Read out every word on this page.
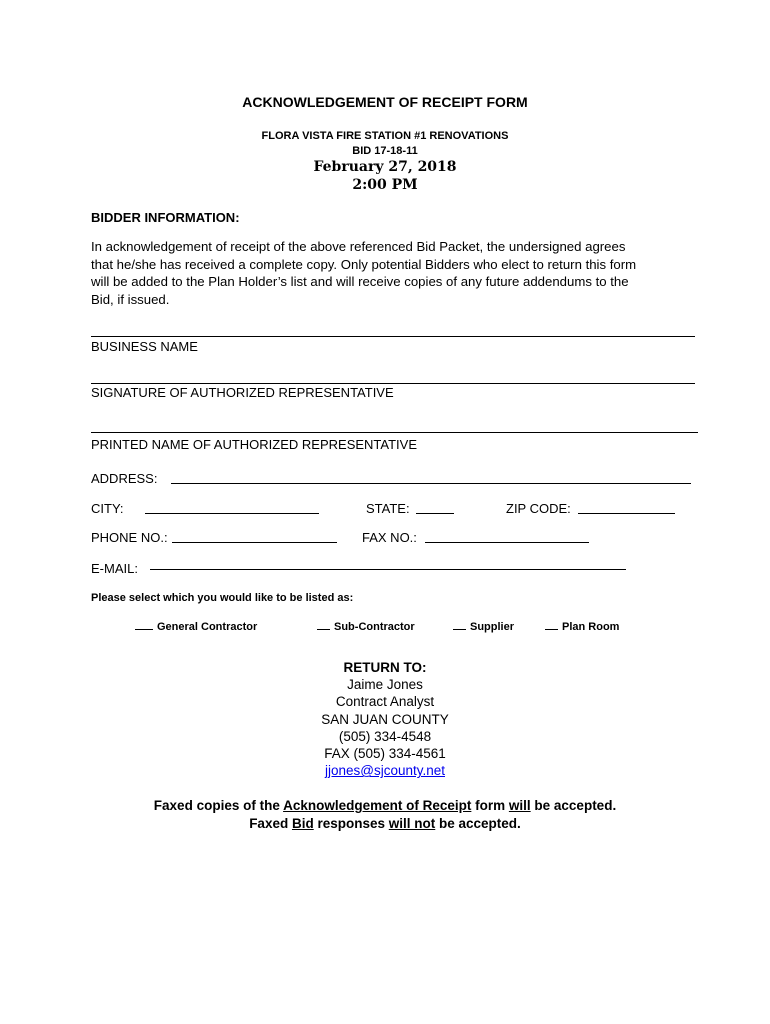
ACKNOWLEDGEMENT OF RECEIPT FORM
FLORA VISTA FIRE STATION #1 RENOVATIONS
BID 17-18-11
February 27, 2018
2:00 PM
BIDDER INFORMATION:
In acknowledgement of receipt of the above referenced Bid Packet, the undersigned agrees
that he/she has received a complete copy. Only potential Bidders who elect to return this form
will be added to the Plan Holder’s list and will receive copies of any future addendums to the
Bid, if issued.
BUSINESS NAME
SIGNATURE OF AUTHORIZED REPRESENTATIVE
PRINTED NAME OF AUTHORIZED REPRESENTATIVE
ADDRESS:
CITY:	STATE:	ZIP CODE:
PHONE NO.:	FAX NO.:
E-MAIL:
Please select which you would like to be listed as:
General Contractor	Sub-Contractor	Supplier	Plan Room
RETURN TO:
Jaime Jones
Contract Analyst
SAN JUAN COUNTY
(505) 334-4548
FAX (505) 334-4561
jjones@sjcounty.net
Faxed copies of the Acknowledgement of Receipt form will be accepted.
Faxed Bid responses will not be accepted.
